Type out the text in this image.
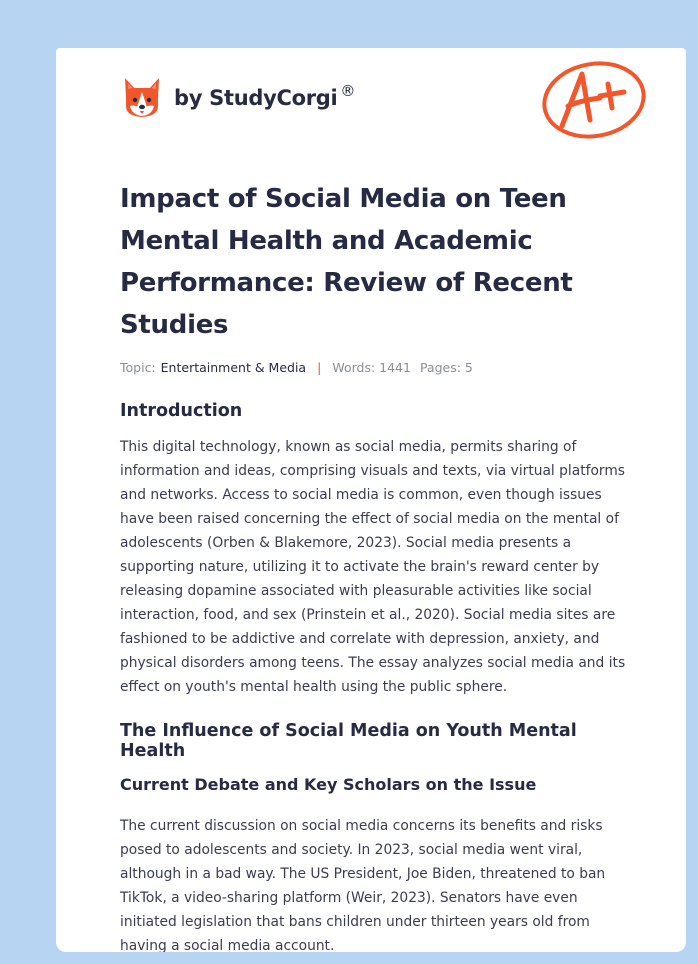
by StudyCorgi ®
Impact of Social Media on Teen Mental Health and Academic Performance: Review of Recent Studies
Topic: Entertainment & Media | Words: 1441 Pages: 5
Introduction

This digital technology, known as social media, permits sharing of information and ideas, comprising visuals and texts, via virtual platforms and networks. Access to social media is common, even though issues have been raised concerning the effect of social media on the mental of adolescents (Orben & Blakemore, 2023). Social media presents a supporting nature, utilizing it to activate the brain's reward center by releasing dopamine associated with pleasurable activities like social interaction, food, and sex (Prinstein et al., 2020). Social media sites are fashioned to be addictive and correlate with depression, anxiety, and physical disorders among teens. The essay analyzes social media and its effect on youth's mental health using the public sphere.

The Influence of Social Media on Youth Mental Health
Current Debate and Key Scholars on the Issue

The current discussion on social media concerns its benefits and risks posed to adolescents and society. In 2023, social media went viral, although in a bad way. The US President, Joe Biden, threatened to ban TikTok, a video-sharing platform (Weir, 2023). Senators have even initiated legislation that bans children under thirteen years old from having a social media account.
